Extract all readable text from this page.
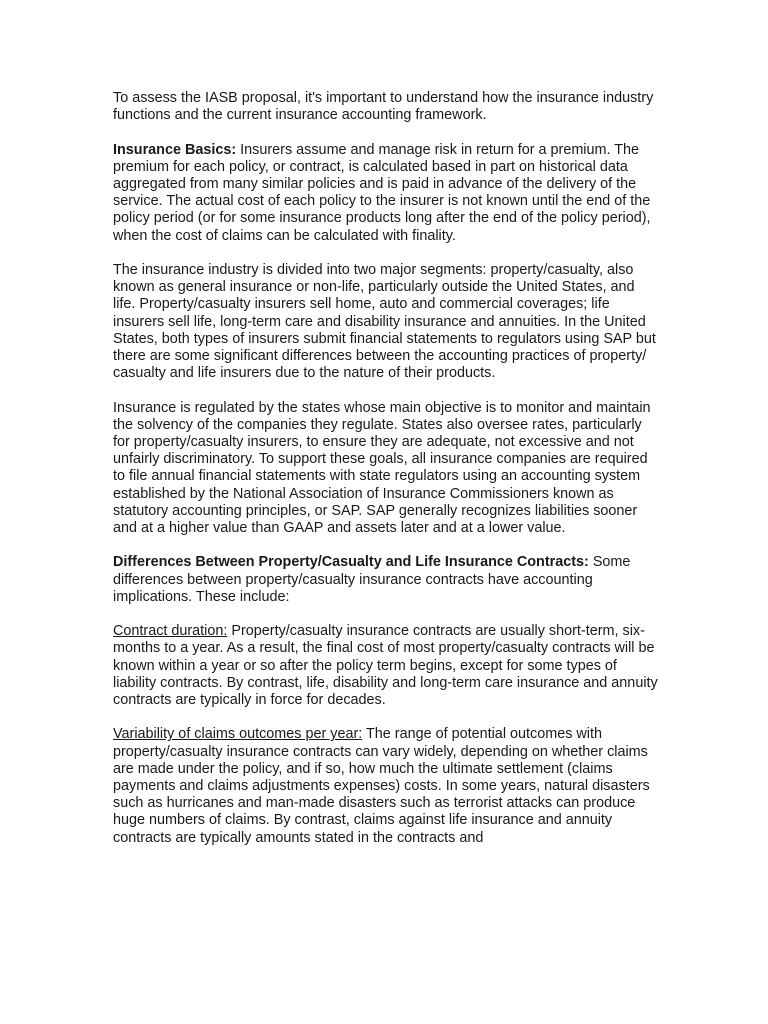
To assess the IASB proposal, it's important to understand how the insurance industry functions and the current insurance accounting framework.

Insurance Basics: Insurers assume and manage risk in return for a premium. The premium for each policy, or contract, is calculated based in part on historical data aggregated from many similar policies and is paid in advance of the delivery of the service. The actual cost of each policy to the insurer is not known until the end of the policy period (or for some insurance products long after the end of the policy period), when the cost of claims can be calculated with finality.

The insurance industry is divided into two major segments: property/casualty, also known as general insurance or non-life, particularly outside the United States, and life. Property/casualty insurers sell home, auto and commercial coverages; life insurers sell life, long-term care and disability insurance and annuities. In the United States, both types of insurers submit financial statements to regulators using SAP but there are some significant differences between the accounting practices of property/ casualty and life insurers due to the nature of their products.

Insurance is regulated by the states whose main objective is to monitor and maintain the solvency of the companies they regulate. States also oversee rates, particularly for property/casualty insurers, to ensure they are adequate, not excessive and not unfairly discriminatory. To support these goals, all insurance companies are required to file annual financial statements with state regulators using an accounting system established by the National Association of Insurance Commissioners known as statutory accounting principles, or SAP. SAP generally recognizes liabilities sooner and at a higher value than GAAP and assets later and at a lower value.

Differences Between Property/Casualty and Life Insurance Contracts: Some differences between property/casualty insurance contracts have accounting implications. These include:

Contract duration: Property/casualty insurance contracts are usually short-term, six-months to a year. As a result, the final cost of most property/casualty contracts will be known within a year or so after the policy term begins, except for some types of liability contracts. By contrast, life, disability and long-term care insurance and annuity contracts are typically in force for decades.

Variability of claims outcomes per year: The range of potential outcomes with property/casualty insurance contracts can vary widely, depending on whether claims are made under the policy, and if so, how much the ultimate settlement (claims payments and claims adjustments expenses) costs. In some years, natural disasters such as hurricanes and man-made disasters such as terrorist attacks can produce huge numbers of claims. By contrast, claims against life insurance and annuity contracts are typically amounts stated in the contracts and
